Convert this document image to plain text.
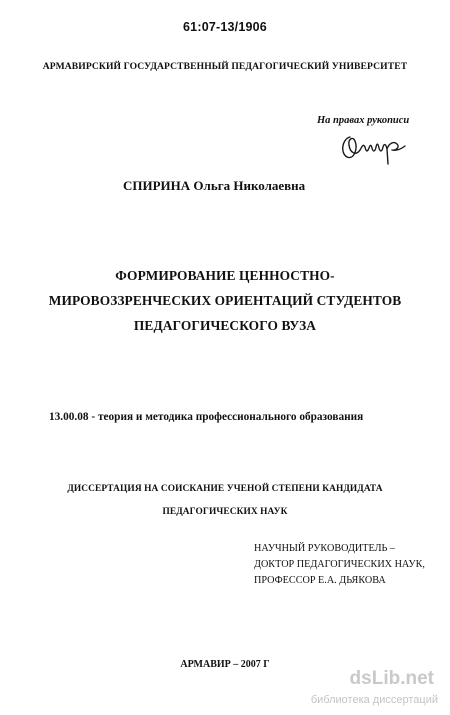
61:07-13/1906
АРМАВИРСКИЙ ГОСУДАРСТВЕННЫЙ ПЕДАГОГИЧЕСКИЙ УНИВЕРСИТЕТ
На правах рукописи
СПИРИНА Ольга Николаевна
ФОРМИРОВАНИЕ ЦЕННОСТНО-
МИРОВОЗЗРЕНЧЕСКИХ ОРИЕНТАЦИЙ СТУДЕНТОВ
ПЕДАГОГИЧЕСКОГО ВУЗА
13.00.08 - теория и методика профессионального образования
ДИССЕРТАЦИЯ НА СОИСКАНИЕ УЧЕНОЙ СТЕПЕНИ КАНДИДАТА
ПЕДАГОГИЧЕСКИХ НАУК
НАУЧНЫЙ РУКОВОДИТЕЛЬ –
ДОКТОР ПЕДАГОГИЧЕСКИХ НАУК,
ПРОФЕССОР Е.А. ДЬЯКОВА
АРМАВИР – 2007 Г
dsLib.net
библиотека диссертаций
